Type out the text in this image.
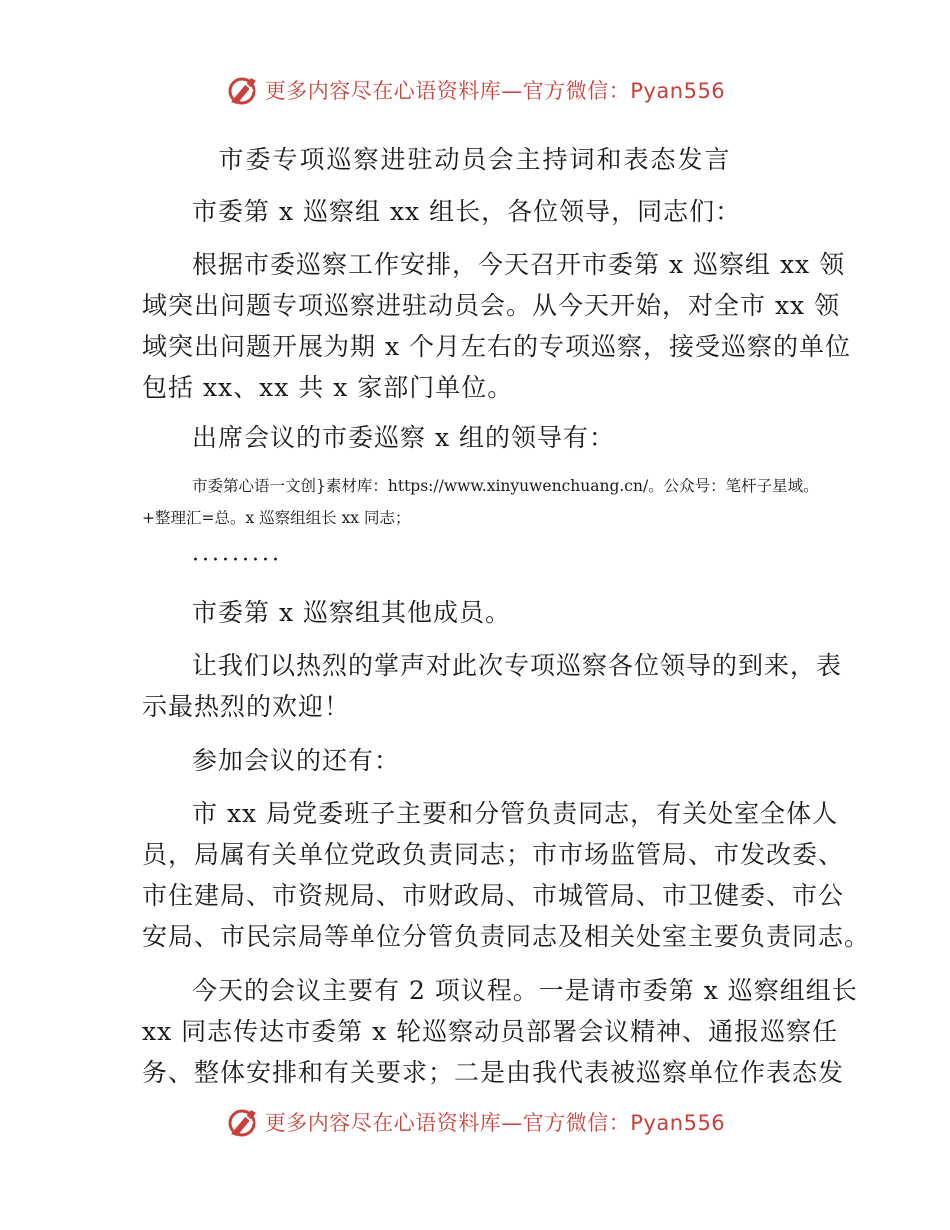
更多内容尽在心语资料库—官方微信：Pyan556
市委专项巡察进驻动员会主持词和表态发言
市委第 x 巡察组 xx 组长，各位领导，同志们：
根据市委巡察工作安排，今天召开市委第 x 巡察组 xx 领
域突出问题专项巡察进驻动员会。从今天开始，对全市 xx 领
域突出问题开展为期 x 个月左右的专项巡察，接受巡察的单位
包括 xx、xx 共 x 家部门单位。
出席会议的市委巡察 x 组的领导有：
市委第心语一文创}素材库：https://www.xinyuwenchuang.cn/。公众号：笔杆子星域。
+整理汇=总。x 巡察组组长 xx 同志；
·········
市委第 x 巡察组其他成员。
让我们以热烈的掌声对此次专项巡察各位领导的到来，表
示最热烈的欢迎！
参加会议的还有：
市 xx 局党委班子主要和分管负责同志，有关处室全体人
员，局属有关单位党政负责同志；市市场监管局、市发改委、
市住建局、市资规局、市财政局、市城管局、市卫健委、市公
安局、市民宗局等单位分管负责同志及相关处室主要负责同志。
今天的会议主要有 2 项议程。一是请市委第 x 巡察组组长
xx 同志传达市委第 x 轮巡察动员部署会议精神、通报巡察任
务、整体安排和有关要求；二是由我代表被巡察单位作表态发
更多内容尽在心语资料库—官方微信：Pyan556
